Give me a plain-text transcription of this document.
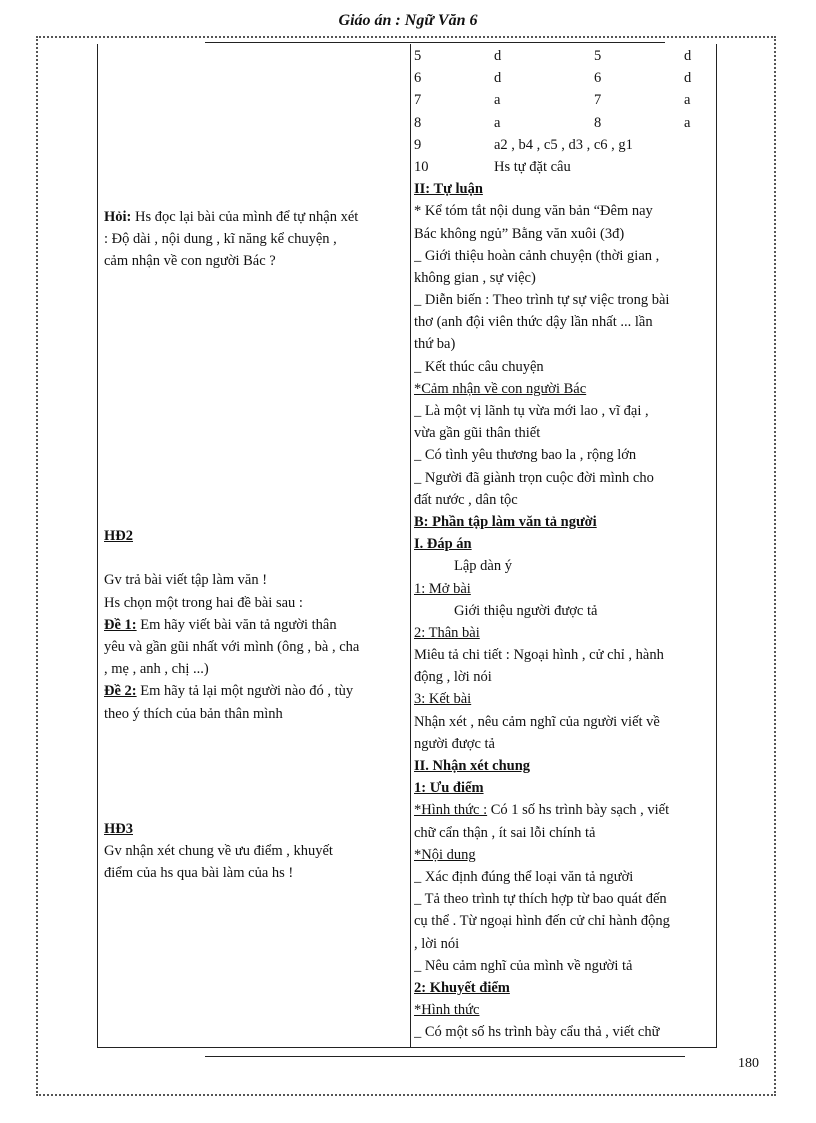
Giáo án : Ngữ Văn 6
Hỏi: Hs đọc lại bài của mình để tự nhận xét
: Độ dài , nội dung , kĩ năng kể chuyện ,
cảm nhận về con người Bác ?
HĐ2
Gv trả bài viết tập làm văn !
Hs chọn một trong hai đề bài sau :
Đề 1: Em hãy viết bài văn tả người thân
yêu và gần gũi nhất với mình (ông , bà , cha
, mẹ , anh , chị ...)
Đề 2: Em hãy tả lại một người nào đó , tùy
theo ý thích của bản thân mình
HĐ3
Gv nhận xét chung về ưu điểm , khuyết
điểm của hs qua bài làm của hs !
5	d	5	d
6	d	6	d
7	a	7	a
8	a	8	a
9	a2 , b4 , c5 , d3 , c6 , g1
10	Hs tự đặt câu
II: Tự luận
* Kể tóm tắt nội dung văn bản “Đêm nay
Bác không ngủ” Bằng văn xuôi (3đ)
_ Giới thiệu hoàn cảnh chuyện (thời gian ,
không gian , sự việc)
_ Diễn biến : Theo trình tự sự việc trong bài
thơ (anh đội viên thức dậy lần nhất ... lần
thứ ba)
_ Kết thúc câu chuyện
*Cảm nhận về con người Bác
_ Là một vị lãnh tụ vừa mới lao , vĩ đại ,
vừa gần gũi thân thiết
_ Có tình yêu thương bao la , rộng lớn
_ Người đã giành trọn cuộc đời mình cho
đất nước , dân tộc
B: Phần tập làm văn tả người
I. Đáp án
Lập dàn ý
1: Mở bài
Giới thiệu người được tả
2: Thân bài
Miêu tả chi tiết : Ngoại hình , cử chỉ , hành
động , lời nói
3: Kết bài
Nhận xét , nêu cảm nghĩ của người viết về
người được tả
II. Nhận xét chung
1: Ưu điểm
*Hình thức : Có 1 số hs trình bày sạch , viết
chữ cẩn thận , ít sai lỗi chính tả
*Nội dung
_ Xác định đúng thể loại văn tả người
_ Tả theo trình tự thích hợp từ bao quát đến
cụ thể . Từ ngoại hình đến cử chỉ hành động
, lời nói
_ Nêu cảm nghĩ của mình về người tả
2: Khuyết điểm
*Hình thức
_ Có một số hs trình bày cẩu thả , viết chữ
180
